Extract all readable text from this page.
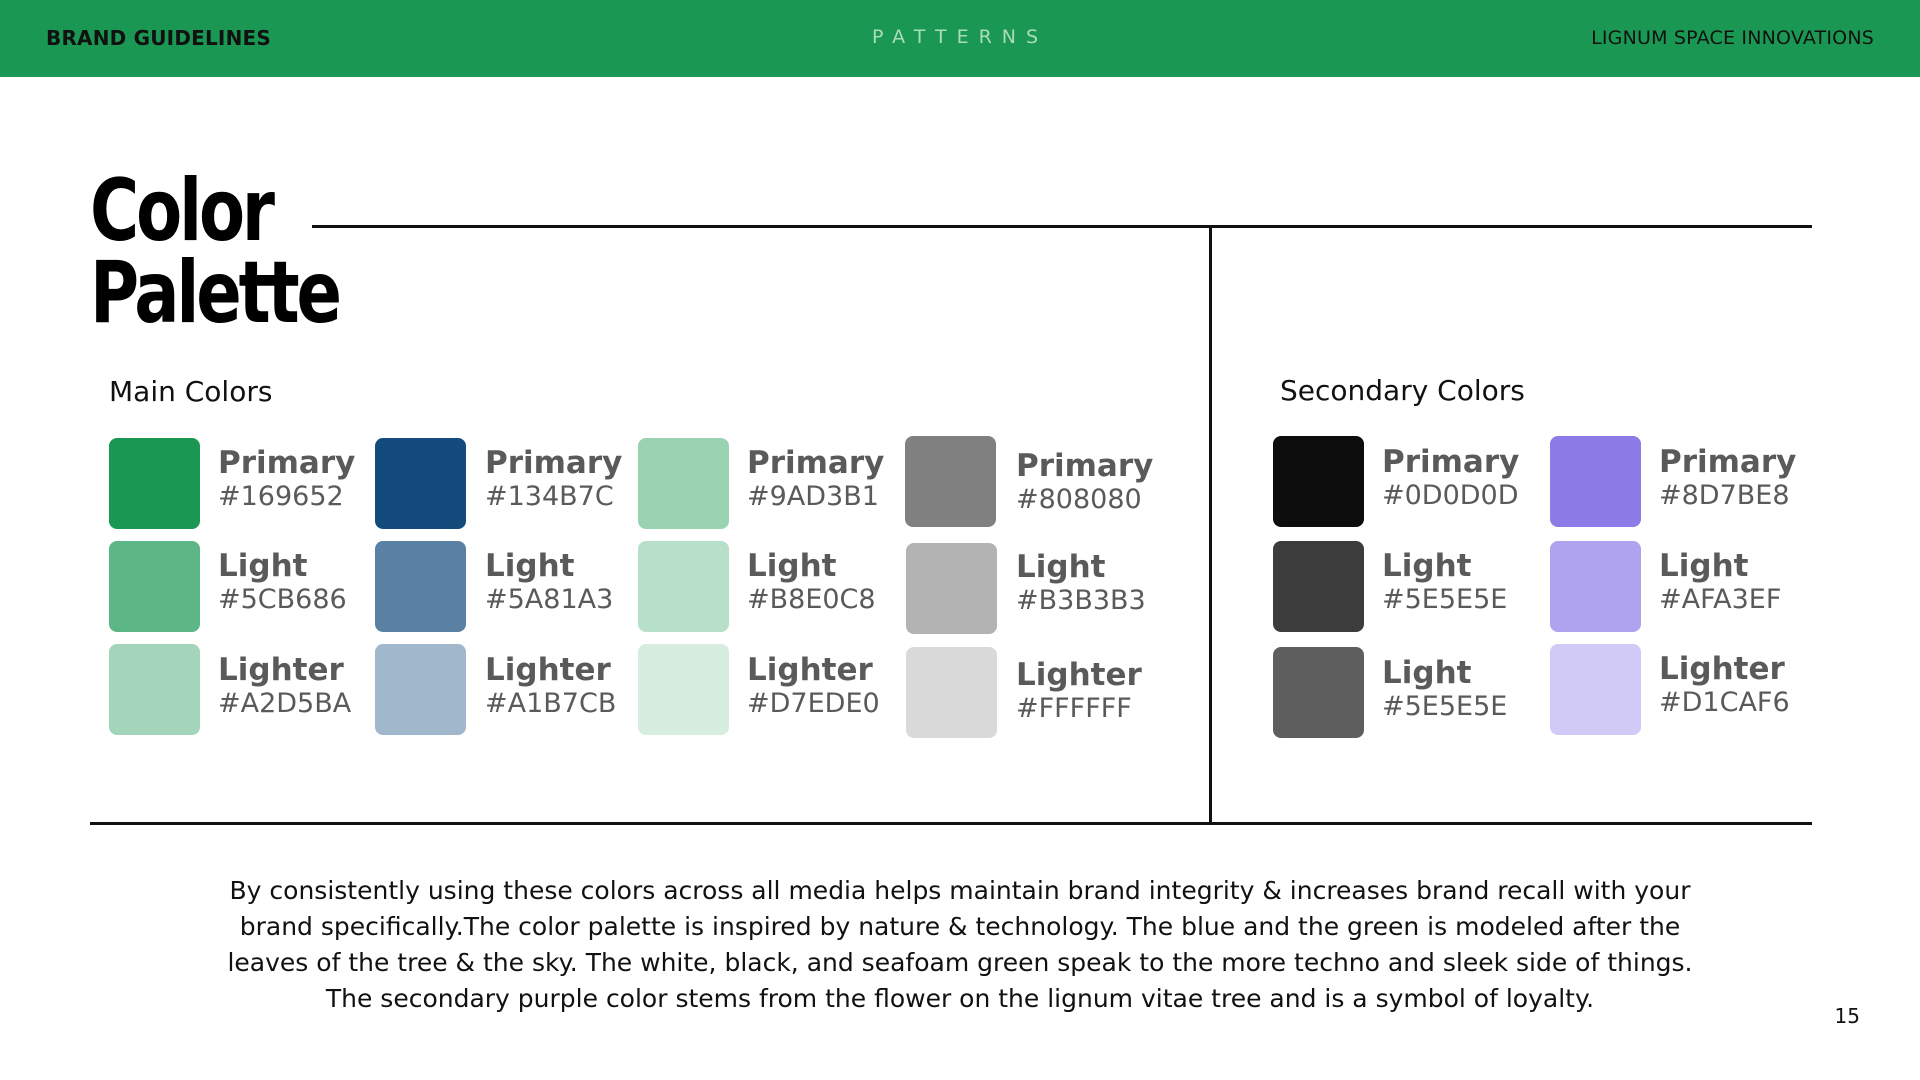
BRAND GUIDELINES	PATTERNS	LIGNUM SPACE INNOVATIONS
Color
Palette
Main Colors	Secondary Colors
Primary
#169652
Light
#5CB686
Lighter
#A2D5BA
Primary
#134B7C
Light
#5A81A3
Lighter
#A1B7CB
Primary
#9AD3B1
Light
#B8E0C8
Lighter
#D7EDE0
Primary
#808080
Light
#B3B3B3
Lighter
#FFFFFF
Primary
#0D0D0D
Light
#5E5E5E
Light
#5E5E5E
Primary
#8D7BE8
Light
#AFA3EF
Lighter
#D1CAF6
By consistently using these colors across all media helps maintain brand integrity & increases brand recall with your
brand specifically.The color palette is inspired by nature & technology. The blue and the green is modeled after the
leaves of the tree & the sky. The white, black, and seafoam green speak to the more techno and sleek side of things.
The secondary purple color stems from the flower on the lignum vitae tree and is a symbol of loyalty.
15
